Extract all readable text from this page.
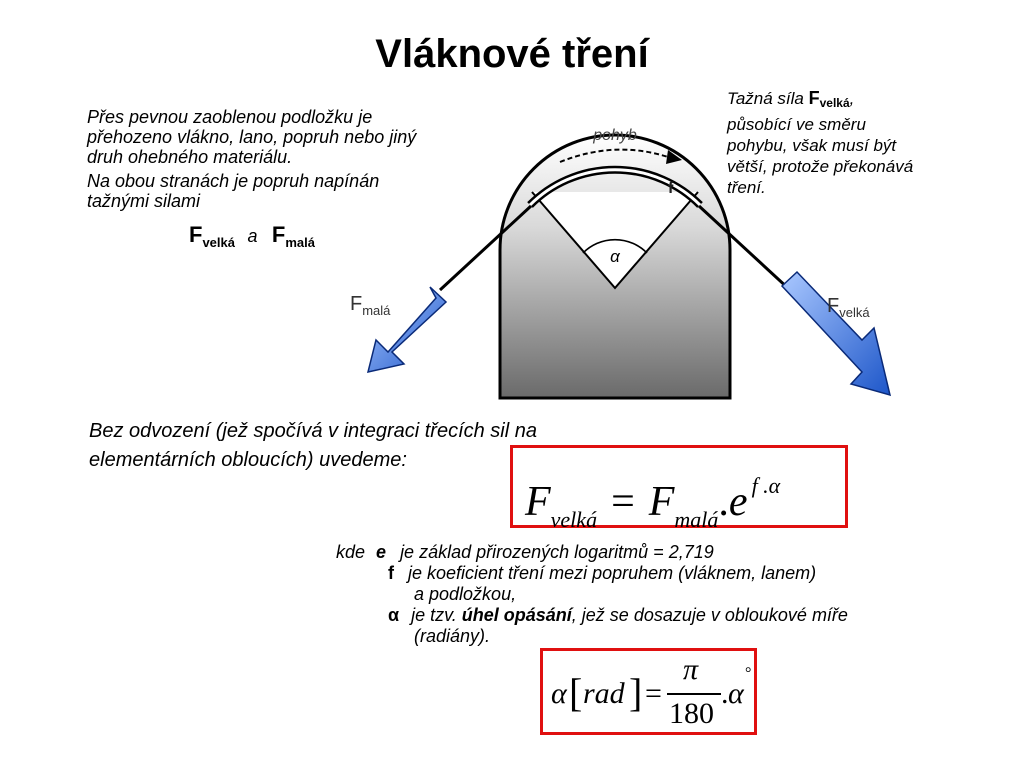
Vláknové tření
Přes pevnou zaoblenou podložku je
přehozeno vlákno, lano, popruh nebo jiný
druh ohebného materiálu.
Na obou stranách je popruh napínán
tažnými silami
$F_{velká}$ a $F_{malá}$
Tažná síla Fvelká,
působící ve směru
pohybu, však musí být
větší, protože překonává
tření.
α
pohyb
f
$F_{malá}$	$F_{velká}$
Bez odvození (jež spočívá v integraci třecích sil na
elementárních obloucích) uvedeme:
$F_{velká} = F_{malá}.e$ $^{f .\alpha}$
kde e je základ přirozených logaritmů = 2,719
f je koeficient tření mezi popruhem (vláknem, lanem)
a podložkou,
α je tzv. úhel opásání, jež se dosazuje v obloukové míře
(radiány).
α [ rad ] =
π
180
. α
°
